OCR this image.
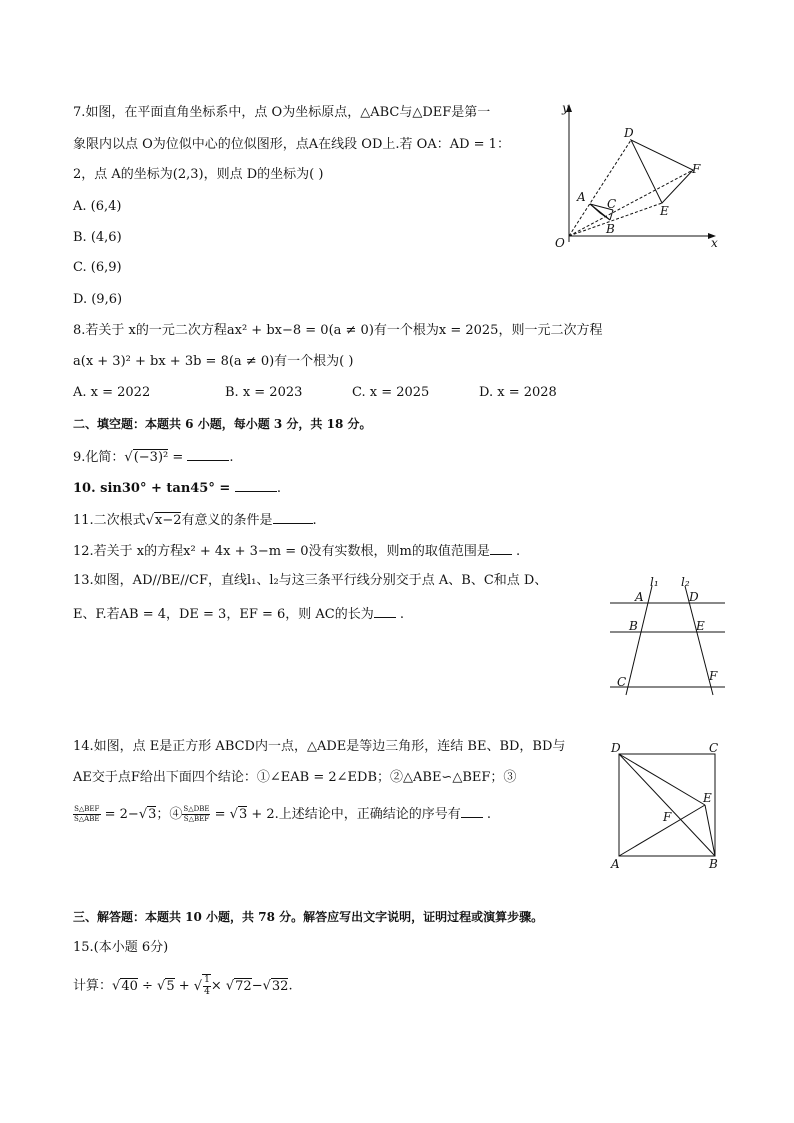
7.如图，在平面直角坐标系中，点 O为坐标原点，△ABC与△DEF是第一
象限内以点 O为位似中心的位似图形，点A在线段 OD上.若 OA：AD = 1：
2，点 A的坐标为(2,3)，则点 D的坐标为( )
A. (6,4)
B. (4,6)
C. (6,9)
D. (9,6)
y
x
O
A
B
C
D
E
F
8.若关于 x的一元二次方程ax² + bx−8 = 0(a ≠ 0)有一个根为x = 2025，则一元二次方程
a(x + 3)² + bx + 3b = 8(a ≠ 0)有一个根为( )
A. x = 2022	B. x = 2023	C. x = 2025	D. x = 2028
二、填空题：本题共 6 小题，每小题 3 分，共 18 分。
9.化简：√(−3)² =	.
10. sin30° + tan45° =	.
11.二次根式√x−2有意义的条件是	.
12.若关于 x的方程x² + 4x + 3−m = 0没有实数根，则m的取值范围是 .
13.如图，AD//BE//CF，直线l₁、l₂与这三条平行线分别交于点 A、B、C和点 D、
E、F.若AB = 4，DE = 3，EF = 6，则 AC的长为 .
l₁ l₂
A	D
B	E
C	F
14.如图，点 E是正方形 ABCD内一点，△ADE是等边三角形，连结 BE、BD，BD与
AE交于点F给出下面四个结论：①∠EAB = 2∠EDB；②△ABE∽△BEF；③
$\frac{\text{S△BEF}}{\text{S△ABE}} = 2-√3$；④ $\frac{\text{S△DBE}}{\text{S△BEF}} = √3 + 2$.上述结论中，正确结论的序号有 .
D	C
A	B
E
F
三、解答题：本题共 10 小题，共 78 分。解答应写出文字说明，证明过程或演算步骤。
15.(本小题 6分)
计算：√40 ÷ √5 + √ $\frac{1}{4} \times √72-√32$.
